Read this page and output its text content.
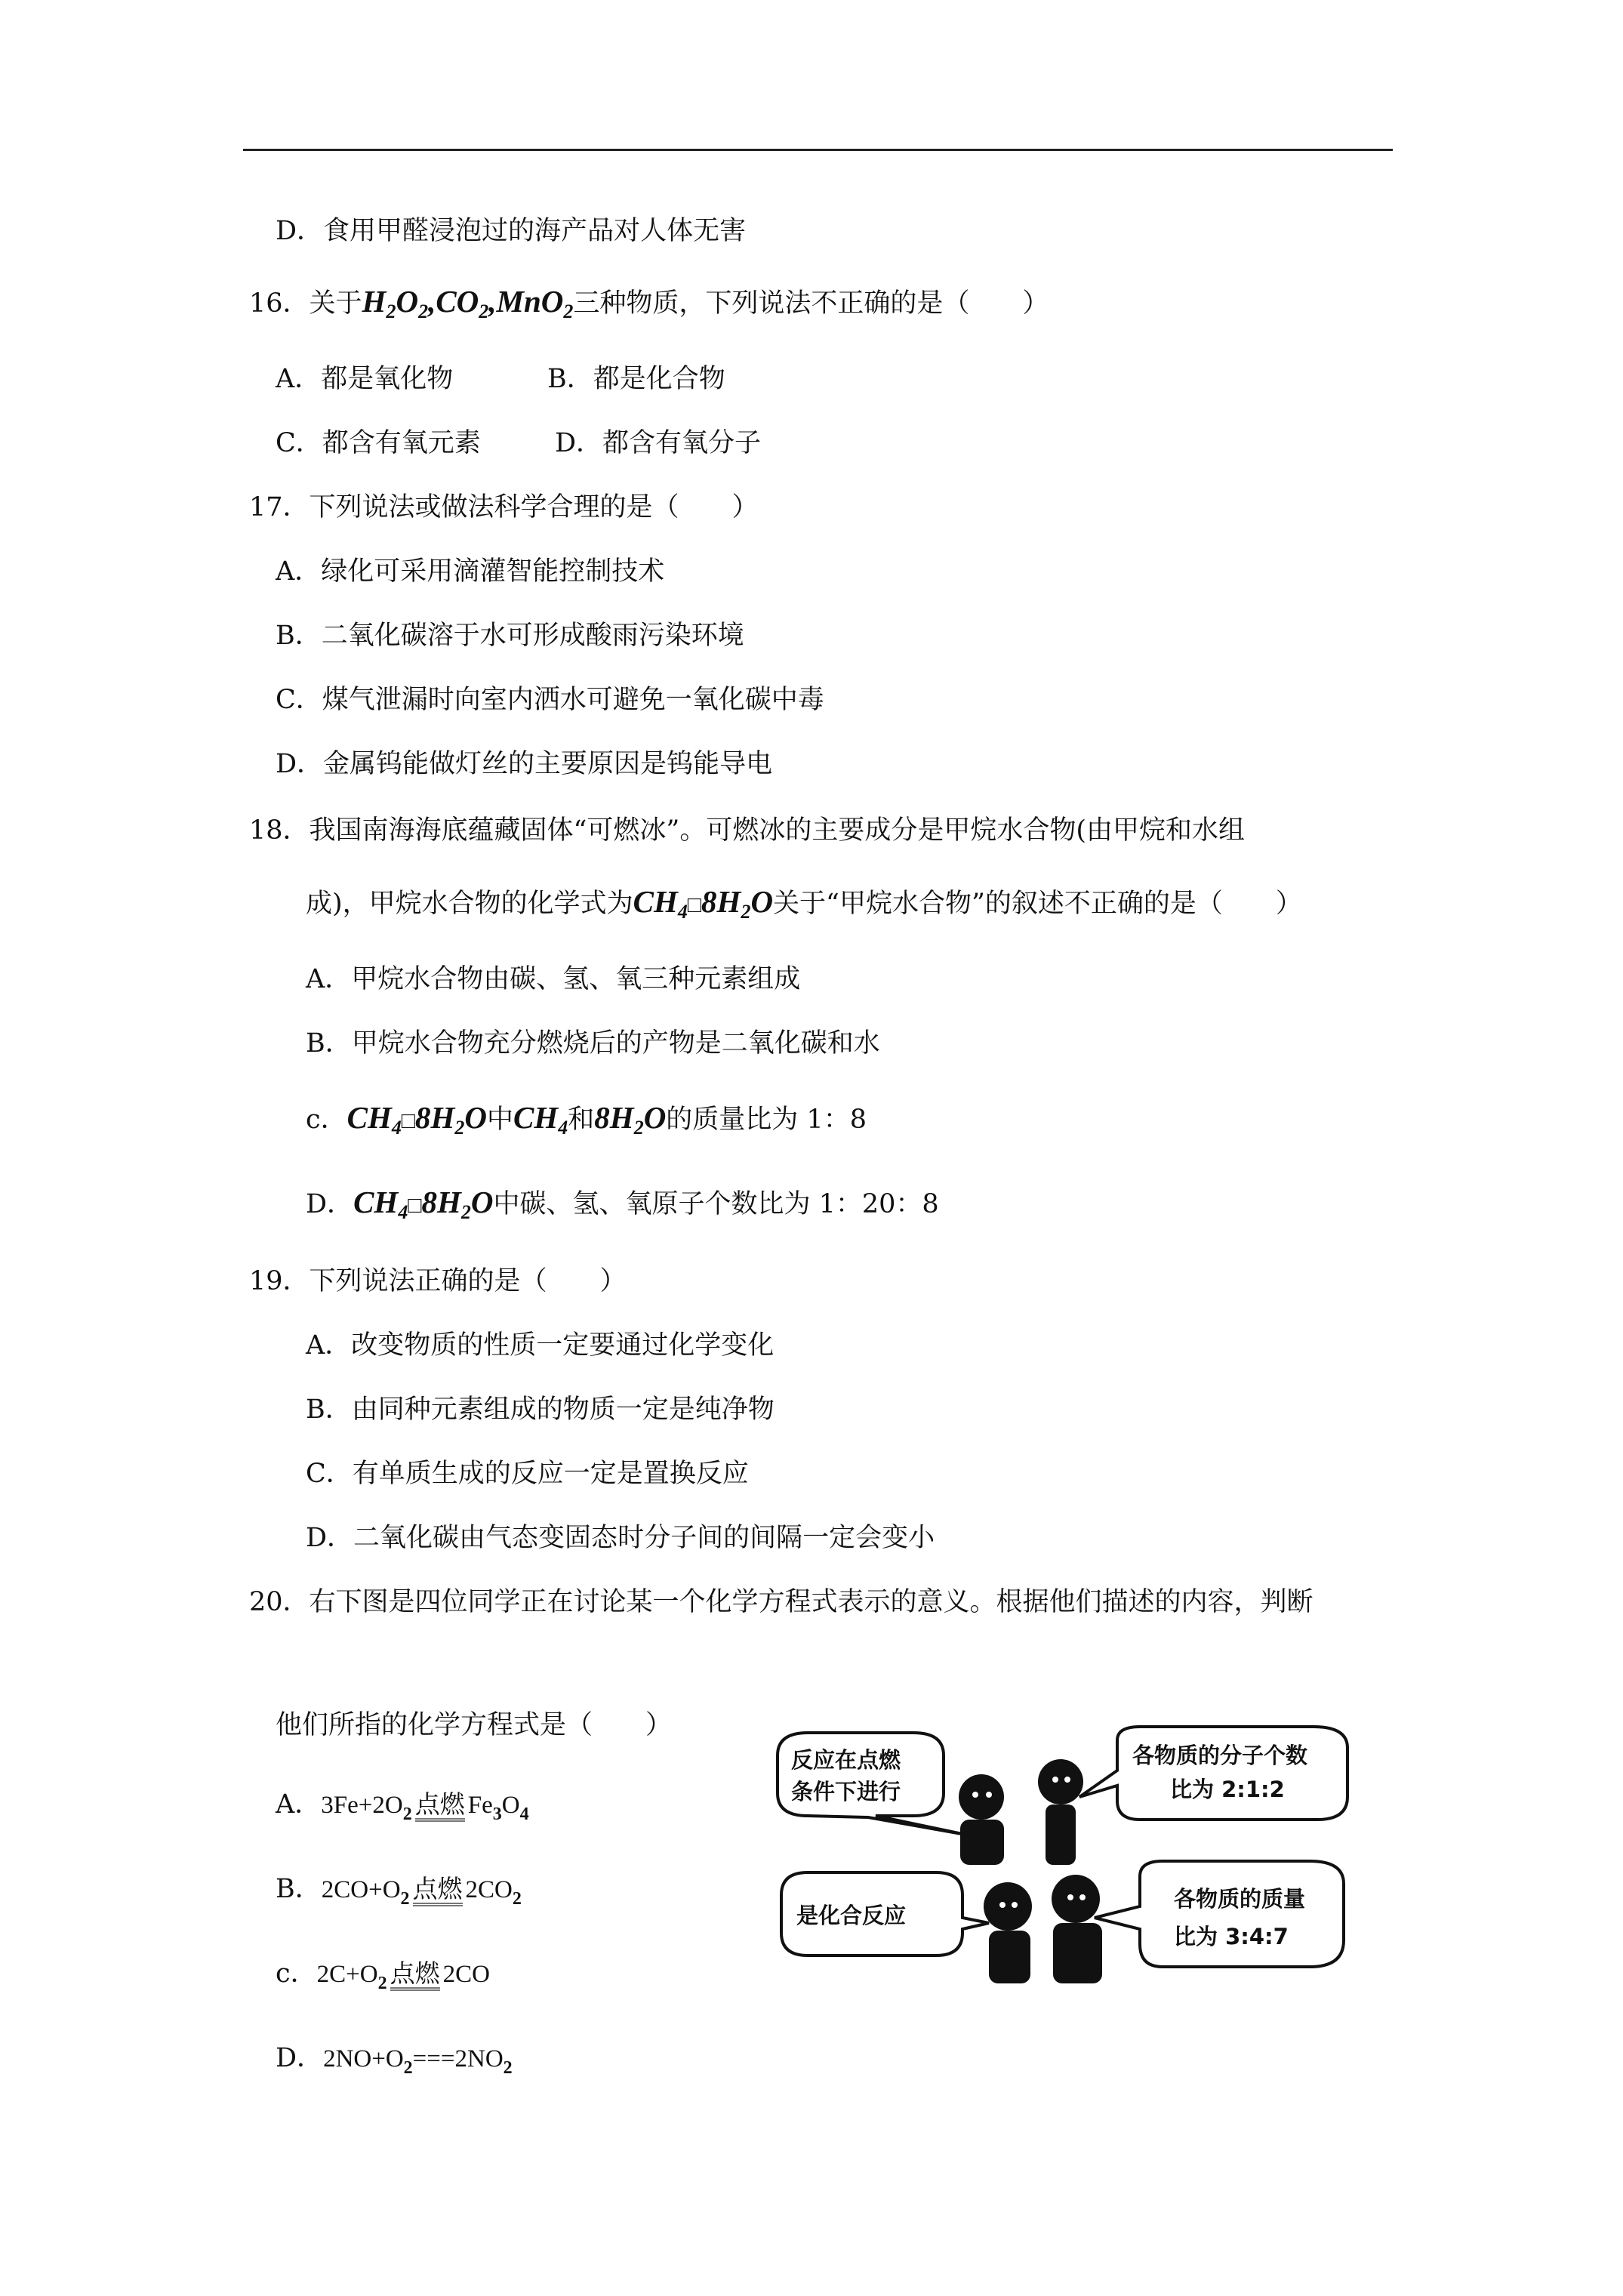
D．食用甲醛浸泡过的海产品对人体无害
16．关于$H_2O_2,CO_2,MnO_2$三种物质，下列说法不正确的是（　　）
A．都是氧化物	B．都是化合物
C．都含有氧元素	D．都含有氧分子
17．下列说法或做法科学合理的是（　　）
A．绿化可采用滴灌智能控制技术
B．二氧化碳溶于水可形成酸雨污染环境
C．煤气泄漏时向室内洒水可避免一氧化碳中毒
D．金属钨能做灯丝的主要原因是钨能导电
18．我国南海海底蕴藏固体“可燃冰”。可燃冰的主要成分是甲烷水合物(由甲烷和水组
成)，甲烷水合物的化学式为$CH_4□8H_2O$关于“甲烷水合物”的叙述不正确的是（　　）
A．甲烷水合物由碳、氢、氧三种元素组成
B．甲烷水合物充分燃烧后的产物是二氧化碳和水
c．$CH_4□8H_2O$中$CH_4$和$8H_2O$的质量比为 1：8
D．$CH_4□8H_2O$中碳、氢、氧原子个数比为 1：20：8
19．下列说法正确的是（　　）
A．改变物质的性质一定要通过化学变化
B．由同种元素组成的物质一定是纯净物
C．有单质生成的反应一定是置换反应
D．二氧化碳由气态变固态时分子间的间隔一定会变小
20．右下图是四位同学正在讨论某一个化学方程式表示的意义。根据他们描述的内容，判断
他们所指的化学方程式是（　　）
A．$3Fe+2O_2$ 点燃 $Fe_3O_4$
B．$2CO+O_2$ 点燃 $2CO_2$
c．$2C+O_2$ 点燃 2CO
D．$2NO+O_2===2NO_2$
反应在点燃
条件下进行
各物质的分子个数
比为 2:1:2
是化合反应
各物质的质量
比为 3:4:7
